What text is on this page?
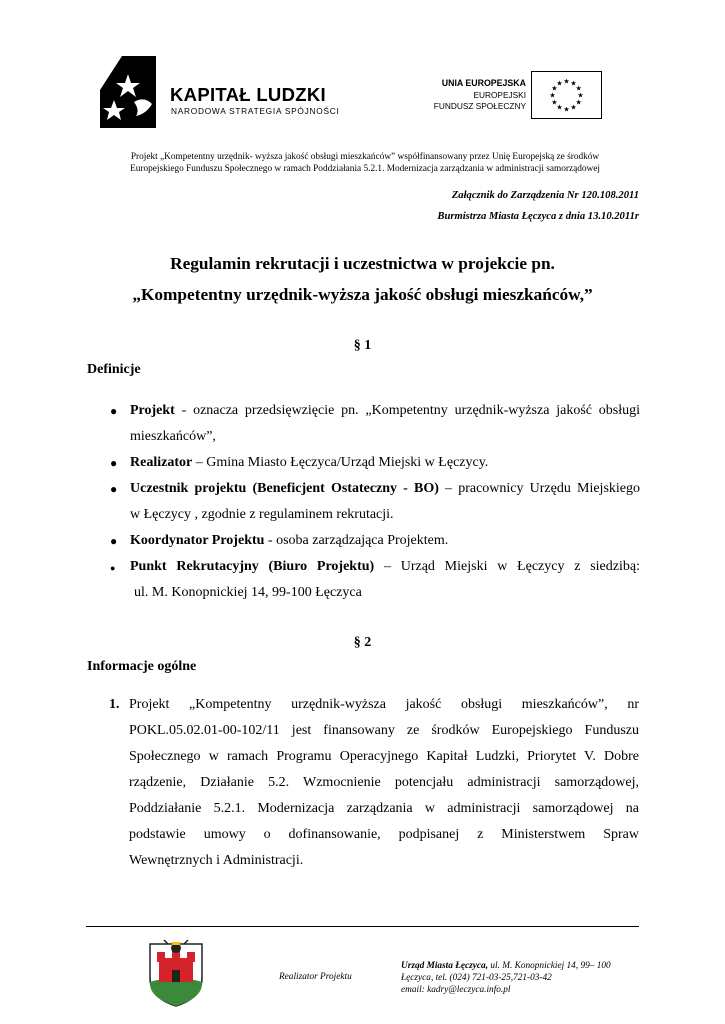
KAPITAŁ LUDZKI
NARODOWA STRATEGIA SPÓJNOŚCI
UNIA EUROPEJSKA
EUROPEJSKI
FUNDUSZ SPOŁECZNY
★ ★
★
★
★
★
★
★
★
★
★
★
Projekt „Kompetentny urzędnik- wyższa jakość obsługi mieszkańców” współfinansowany przez Unię Europejską ze środków
Europejskiego Funduszu Społecznego w ramach Poddziałania 5.2.1. Modernizacja zarządzania w administracji samorządowej
Załącznik do Zarządzenia Nr 120.108.2011
Burmistrza Miasta Łęczyca z dnia 13.10.2011r
Regulamin rekrutacji i uczestnictwa w projekcie pn.
„Kompetentny urzędnik-wyższa jakość obsługi mieszkańców,”
§ 1
Definicje
● Projekt - oznacza przedsięwzięcie pn. „Kompetentny urzędnik-wyższa jakość obsługi
mieszkańców”,
● Realizator – Gmina Miasto Łęczyca/Urząd Miejski w Łęczycy.
● Uczestnik projektu (Beneficjent Ostateczny - BO) – pracownicy Urzędu Miejskiego
w Łęczycy , zgodnie z regulaminem rekrutacji.
● Koordynator Projektu - osoba zarządzająca Projektem.
● Punkt Rekrutacyjny (Biuro Projektu) – Urząd Miejski w Łęczycy z siedzibą:
ul. M. Konopnickiej 14, 99-100 Łęczyca
§ 2
Informacje ogólne
1. Projekt „Kompetentny urzędnik-wyższa jakość obsługi mieszkańców”, nr
POKL.05.02.01-00-102/11 jest finansowany ze środków Europejskiego Funduszu
Społecznego w ramach Programu Operacyjnego Kapitał Ludzki, Priorytet V. Dobre
rządzenie, Działanie 5.2. Wzmocnienie potencjału administracji samorządowej,
Poddziałanie 5.2.1. Modernizacja zarządzania w administracji samorządowej na
podstawie umowy o dofinansowanie, podpisanej z Ministerstwem Spraw
Wewnętrznych i Administracji.
Realizator Projektu
Urząd Miasta Łęczyca, ul. M. Konopnickiej 14, 99– 100
Łęczyca, tel. (024) 721-03-25,721-03-42
email: kadry@leczyca.info.pl
